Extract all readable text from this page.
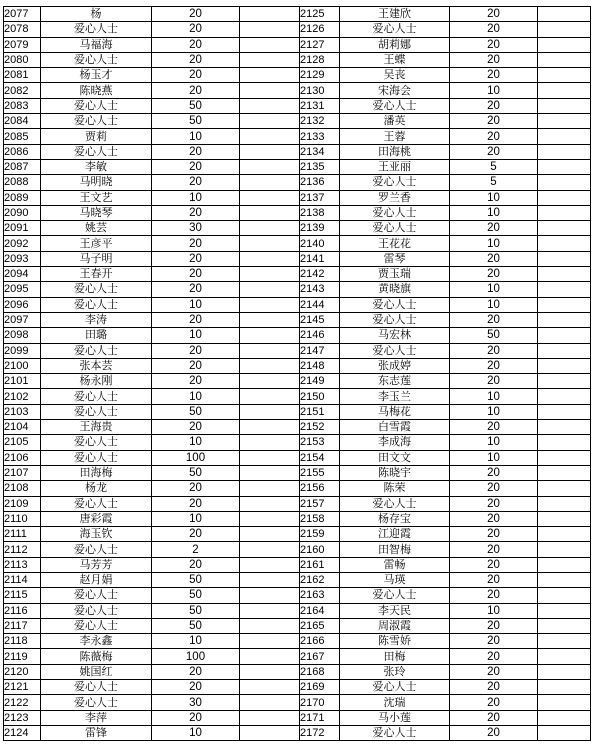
2077	杨	20		2125	王建欣	20	
2078	爱心人士	20		2126	爱心人士	20	
2079	马福海	20		2127	胡莉娜	20	
2080	爱心人士	20		2128	王蝶	20	
2081	杨玉才	20		2129	吴丧	20	
2082	陈晓燕	20		2130	宋海会	10	
2083	爱心人士	50		2131	爱心人士	20	
2084	爱心人士	50		2132	潘英	20	
2085	贾莉	10		2133	王蓉	20	
2086	爱心人士	20		2134	田海桃	20	
2087	李敏	20		2135	王亚丽	5	
2088	马明晓	20		2136	爱心人士	5	
2089	王文艺	10		2137	罗兰香	10	
2090	马晓琴	20		2138	爱心人士	10	
2091	姚芸	30		2139	爱心人士	20	
2092	王彦平	20		2140	王花花	10	
2093	马子明	20		2141	雷琴	20	
2094	王春开	20		2142	贾玉瑞	20	
2095	爱心人士	20		2143	黄晓旗	10	
2096	爱心人士	10		2144	爱心人士	10	
2097	李涛	20		2145	爱心人士	20	
2098	田璐	10		2146	马宏林	50	
2099	爱心人士	20		2147	爱心人士	20	
2100	张本芸	20		2148	张成婷	20	
2101	杨永刚	20		2149	东志莲	20	
2102	爱心人士	10		2150	李玉兰	10	
2103	爱心人士	50		2151	马梅花	10	
2104	王海贵	20		2152	白雪霞	20	
2105	爱心人士	10		2153	李成海	10	
2106	爱心人士	100		2154	田文文	10	
2107	田海梅	50		2155	陈晓宇	20	
2108	杨龙	20		2156	陈荣	20	
2109	爱心人士	20		2157	爱心人士	20	
2110	唐彩霞	10		2158	杨存宝	20	
2111	海玉钦	20		2159	江迎霞	20	
2112	爱心人士	2		2160	田智梅	20	
2113	马芳芳	20		2161	雷畅	20	
2114	赵月娟	50		2162	马瑛	20	
2115	爱心人士	50		2163	爱心人士	20	
2116	爱心人士	50		2164	李天民	10	
2117	爱心人士	50		2165	周淑霞	20	
2118	李永鑫	10		2166	陈雪娇	20	
2119	陈薇梅	100		2167	田梅	20	
2120	姚国红	20		2168	张玲	20	
2121	爱心人士	20		2169	爱心人士	20	
2122	爱心人士	30		2170	沈瑞	20	
2123	李萍	20		2171	马小莲	20	
2124	雷锋	10		2172	爱心人士	20	
